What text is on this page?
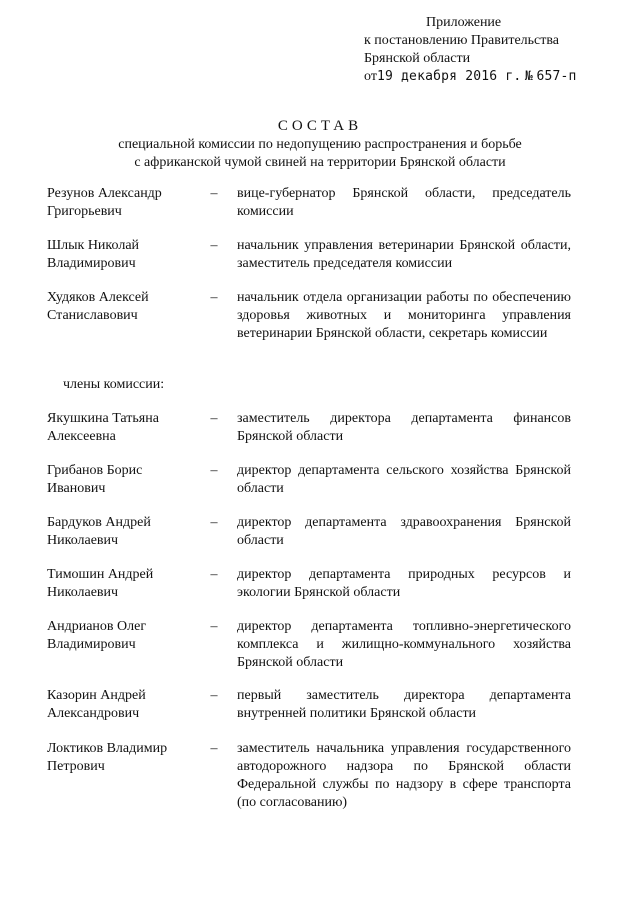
Приложение
к постановлению Правительства
Брянской области
от19 декабря 2016 г. № 657-п
СОСТАВ
специальной комиссии по недопущению распространения и борьбе
с африканской чумой свиней на территории Брянской области
Резунов Александр
Григорьевич
–	вице-губернатор Брянской области, председатель комиссии
Шлык Николай
Владимирович
–	начальник управления ветеринарии Брянской области, заместитель председателя комиссии
Худяков Алексей
Станиславович
–	начальник отдела организации работы по обеспечению здоровья животных и мониторинга управления ветеринарии Брянской области, секретарь комиссии
члены комиссии:
Якушкина Татьяна
Алексеевна
–	заместитель директора департамента финансов Брянской области
Грибанов Борис
Иванович
–	директор департамента сельского хозяйства Брянской области
Бардуков Андрей
Николаевич
–	директор департамента здравоохранения Брянской области
Тимошин Андрей
Николаевич
–	директор департамента природных ресурсов и экологии Брянской области
Андрианов Олег
Владимирович
–	директор департамента топливно-энергетического комплекса и жилищно-коммунального хозяйства Брянской области
Казорин Андрей
Александрович
–	первый заместитель директора департамента внутренней политики Брянской области
Локтиков Владимир
Петрович
–	заместитель начальника управления государственного автодорожного надзора по Брянской области Федеральной службы по надзору в сфере транспорта (по согласованию)
